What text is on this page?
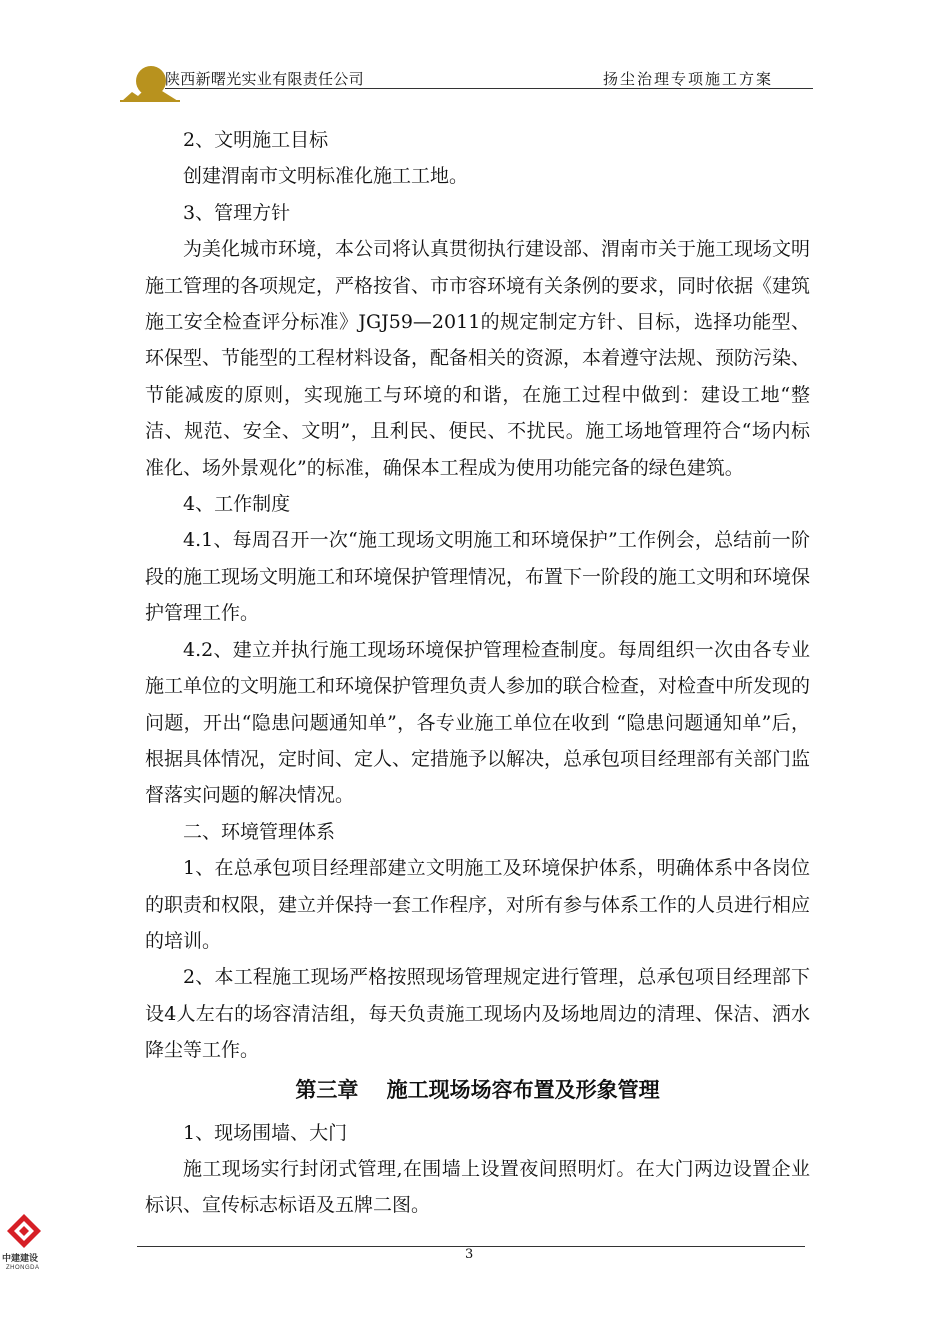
陕西新曙光实业有限责任公司	扬尘治理专项施工方案

2、文明施工目标

创建渭南市文明标准化施工工地。

3、管理方针

为美化城市环境，本公司将认真贯彻执行建设部、渭南市关于施工现场文明施工管理的各项规定，严格按省、市市容环境有关条例的要求，同时依据《建筑施工安全检查评分标准》JGJ59—2011的规定制定方针、目标，选择功能型、环保型、节能型的工程材料设备，配备相关的资源，本着遵守法规、预防污染、节能减废的原则，实现施工与环境的和谐，在施工过程中做到：建设工地“整洁、规范、安全、文明”，且利民、便民、不扰民。施工场地管理符合“场内标准化、场外景观化”的标准，确保本工程成为使用功能完备的绿色建筑。

4、工作制度

4.1、每周召开一次“施工现场文明施工和环境保护”工作例会，总结前一阶段的施工现场文明施工和环境保护管理情况，布置下一阶段的施工文明和环境保护管理工作。

4.2、建立并执行施工现场环境保护管理检查制度。每周组织一次由各专业施工单位的文明施工和环境保护管理负责人参加的联合检查，对检查中所发现的问题，开出“隐患问题通知单”，各专业施工单位在收到 “隐患问题通知单”后，根据具体情况，定时间、定人、定措施予以解决，总承包项目经理部有关部门监督落实问题的解决情况。

二、环境管理体系

1、在总承包项目经理部建立文明施工及环境保护体系，明确体系中各岗位的职责和权限，建立并保持一套工作程序，对所有参与体系工作的人员进行相应的培训。

2、本工程施工现场严格按照现场管理规定进行管理，总承包项目经理部下设4人左右的场容清洁组，每天负责施工现场内及场地周边的清理、保洁、洒水降尘等工作。

第三章　 施工现场场容布置及形象管理

1、现场围墙、大门

施工现场实行封闭式管理,在围墙上设置夜间照明灯。在大门两边设置企业标识、宣传标志标语及五牌二图。

3
中建建设
ZHONGDA
